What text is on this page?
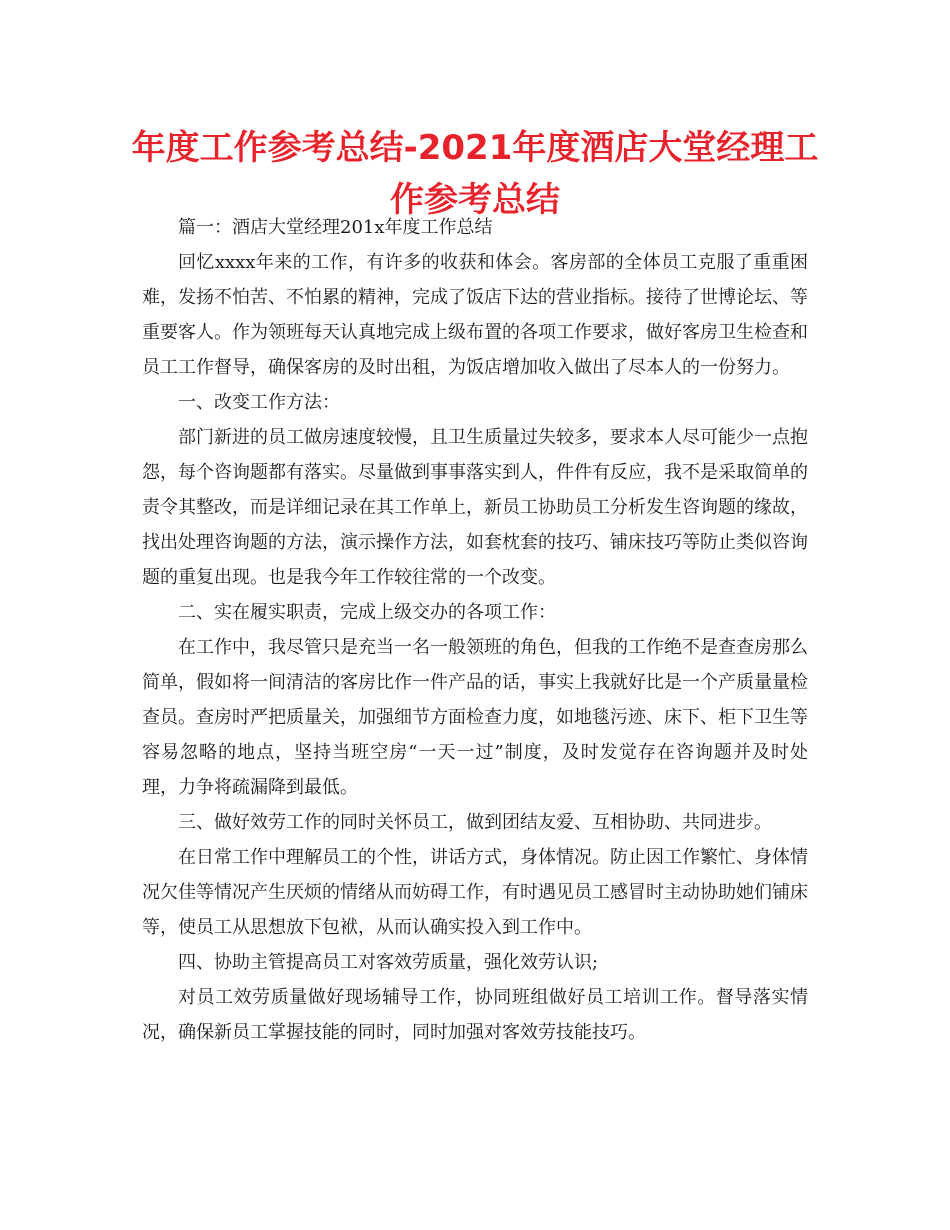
年度工作参考总结-2021年度酒店大堂经理工作参考总结

篇一：酒店大堂经理201x年度工作总结

回忆xxxx年来的工作，有许多的收获和体会。客房部的全体员工克服了重重困难，发扬不怕苦、不怕累的精神，完成了饭店下达的营业指标。接待了世博论坛、等重要客人。作为领班每天认真地完成上级布置的各项工作要求，做好客房卫生检查和员工工作督导，确保客房的及时出租，为饭店增加收入做出了尽本人的一份努力。

一、改变工作方法：

部门新进的员工做房速度较慢，且卫生质量过失较多，要求本人尽可能少一点抱怨，每个咨询题都有落实。尽量做到事事落实到人，件件有反应，我不是采取简单的责令其整改，而是详细记录在其工作单上，新员工协助员工分析发生咨询题的缘故，找出处理咨询题的方法，演示操作方法，如套枕套的技巧、铺床技巧等防止类似咨询题的重复出现。也是我今年工作较往常的一个改变。

二、实在履实职责，完成上级交办的各项工作：

在工作中，我尽管只是充当一名一般领班的角色，但我的工作绝不是查查房那么简单，假如将一间清洁的客房比作一件产品的话，事实上我就好比是一个产质量量检查员。查房时严把质量关，加强细节方面检查力度，如地毯污迹、床下、柜下卫生等容易忽略的地点，坚持当班空房“一天一过”制度，及时发觉存在咨询题并及时处理，力争将疏漏降到最低。

三、做好效劳工作的同时关怀员工，做到团结友爱、互相协助、共同进步。

在日常工作中理解员工的个性，讲话方式，身体情况。防止因工作繁忙、身体情况欠佳等情况产生厌烦的情绪从而妨碍工作，有时遇见员工感冒时主动协助她们铺床等，使员工从思想放下包袱，从而认确实投入到工作中。

四、协助主管提高员工对客效劳质量，强化效劳认识;

对员工效劳质量做好现场辅导工作，协同班组做好员工培训工作。督导落实情况，确保新员工掌握技能的同时，同时加强对客效劳技能技巧。
